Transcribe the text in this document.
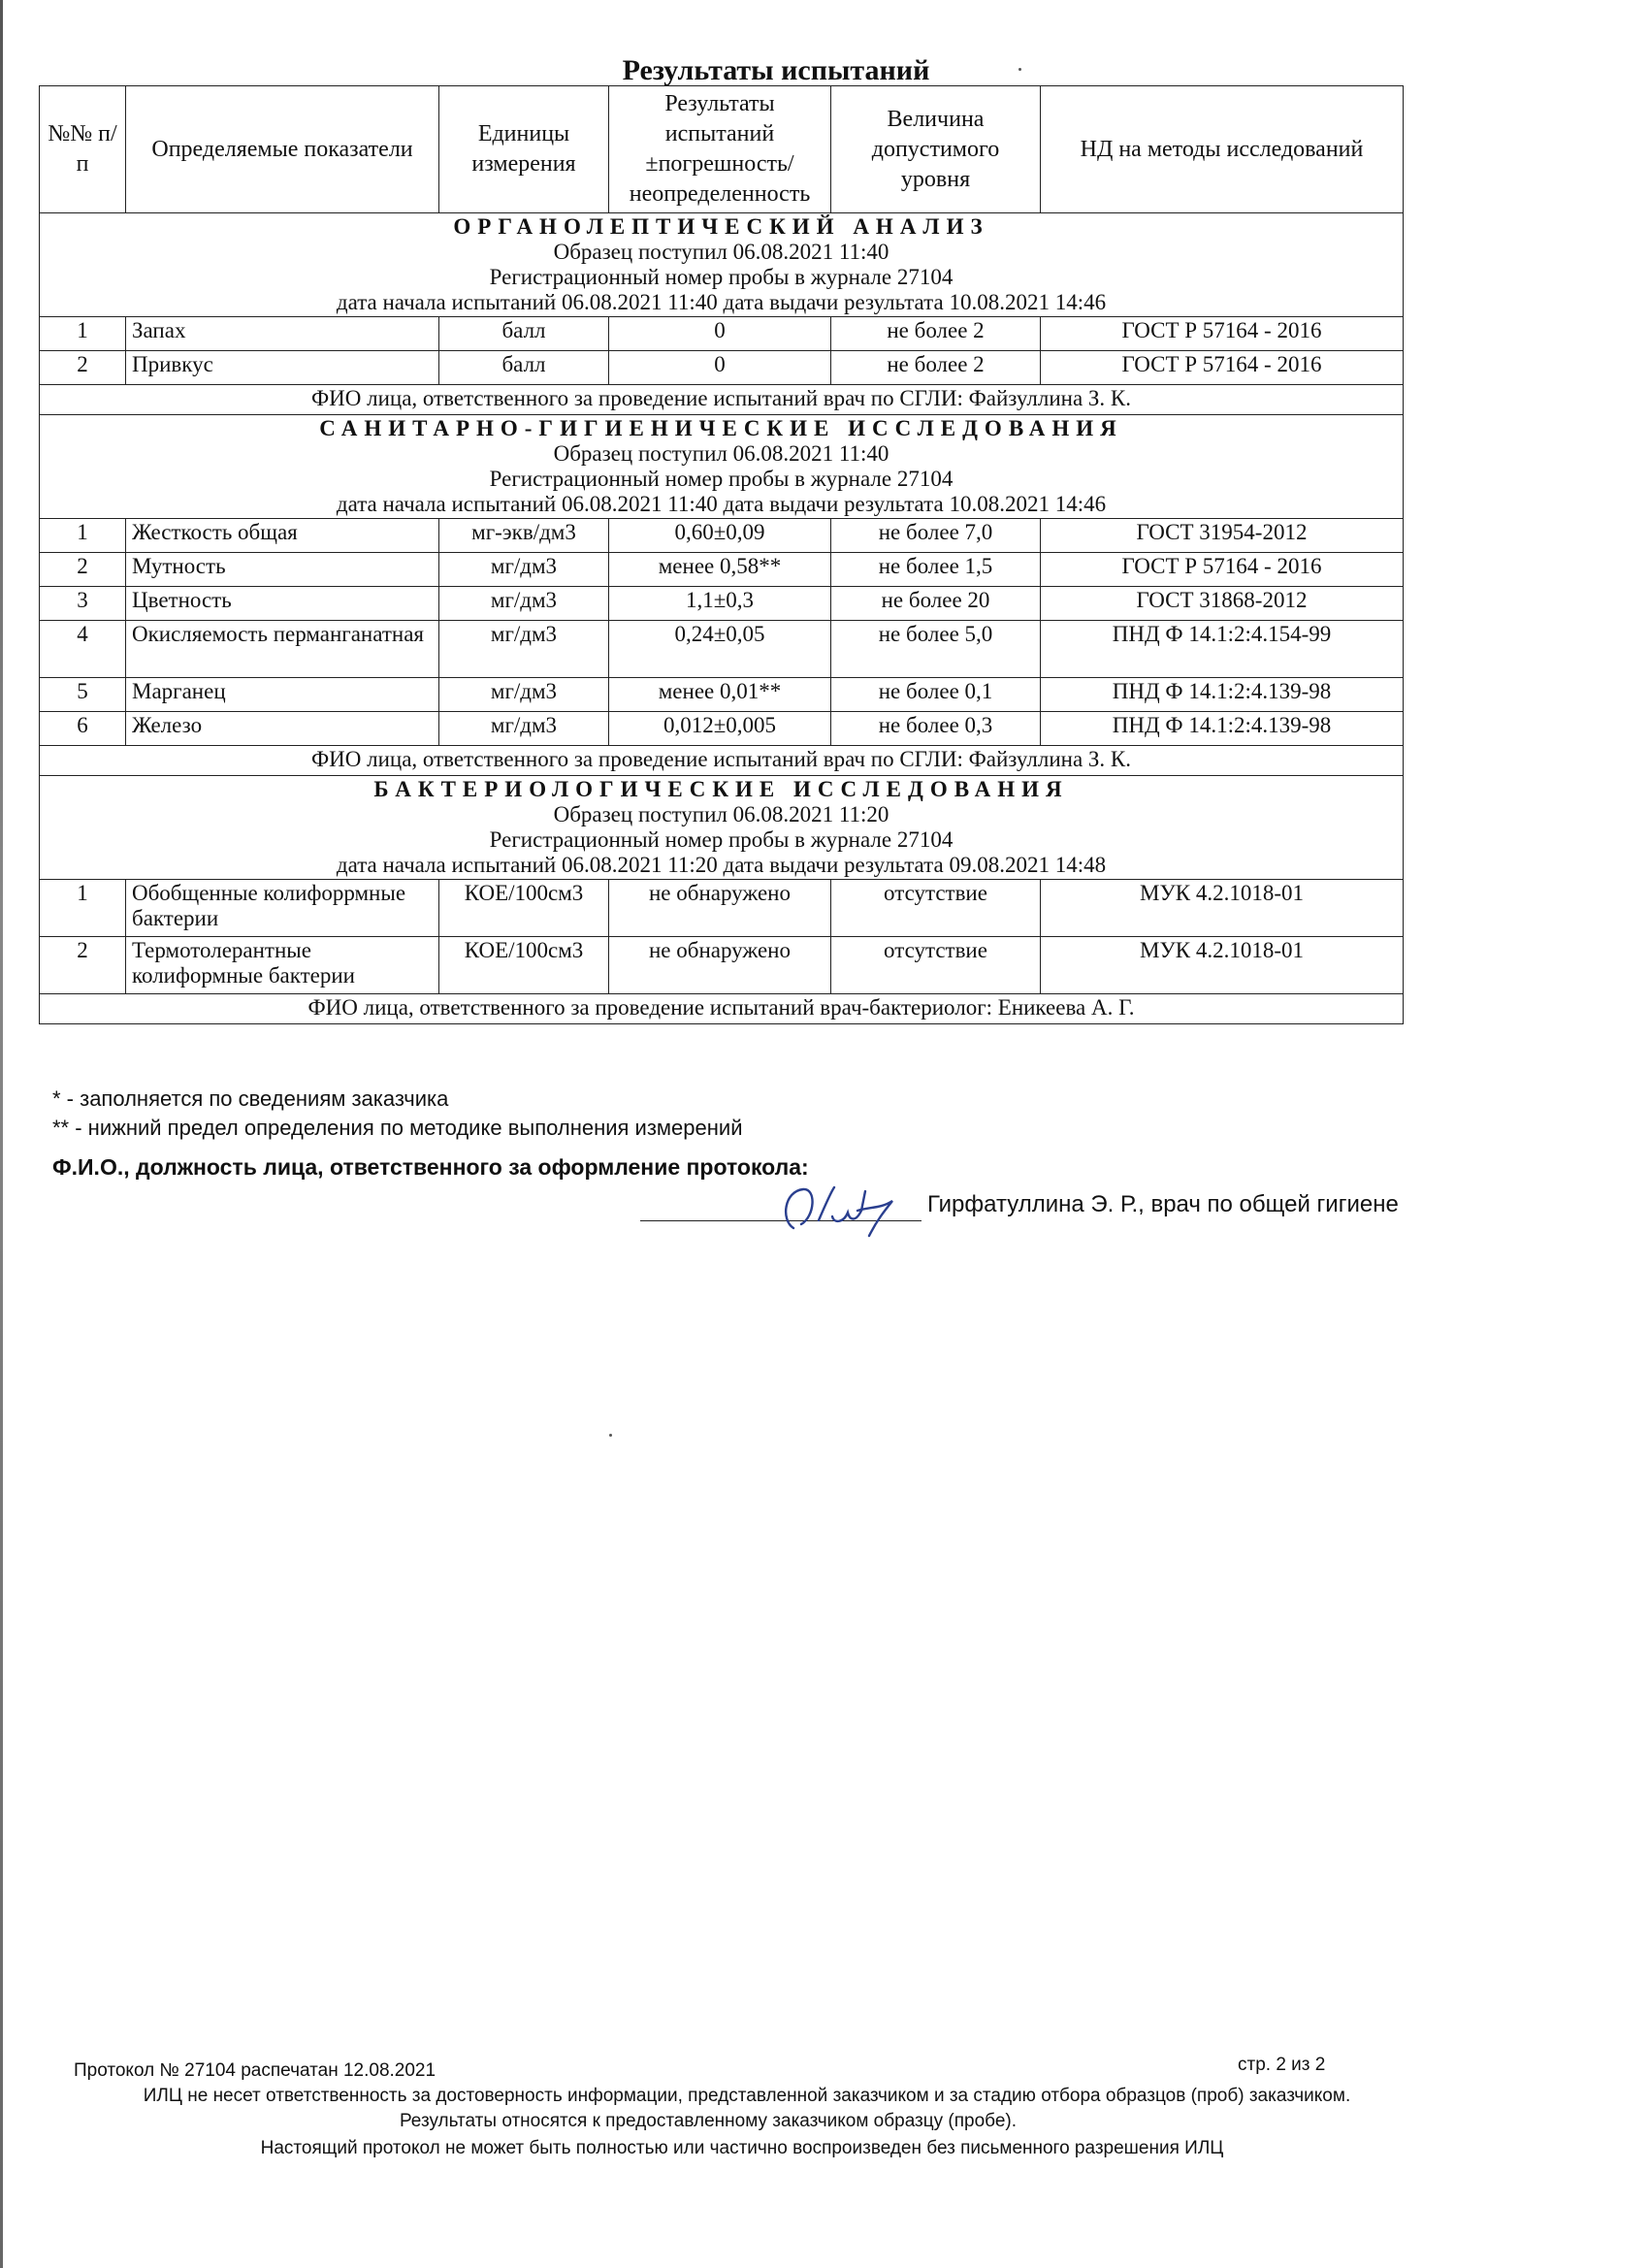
Результаты испытаний
№№ п/п	Определяемые показатели	Единицы измерения	Результаты испытаний ±погрешность/ неопределенность	Величина допустимого уровня	НД на методы исследований

ОРГАНОЛЕПТИЧЕСКИЙ АНАЛИЗ
Образец поступил 06.08.2021 11:40
Регистрационный номер пробы в журнале 27104
дата начала испытаний 06.08.2021 11:40 дата выдачи результата 10.08.2021 14:46					

1	Запах	балл	0	не более 2	ГОСТ Р 57164 - 2016
2	Привкус	балл	0	не более 2	ГОСТ Р 57164 - 2016
ФИО лица, ответственного за проведение испытаний врач по СГЛИ: Файзуллина З. К.					

САНИТАРНО-ГИГИЕНИЧЕСКИЕ ИССЛЕДОВАНИЯ
Образец поступил 06.08.2021 11:40
Регистрационный номер пробы в журнале 27104
дата начала испытаний 06.08.2021 11:40 дата выдачи результата 10.08.2021 14:46					

1	Жесткость общая	мг-экв/дм3	0,60±0,09	не более 7,0	ГОСТ 31954-2012
2	Мутность	мг/дм3	менее 0,58**	не более 1,5	ГОСТ Р 57164 - 2016
3	Цветность	мг/дм3	1,1±0,3	не более 20	ГОСТ 31868-2012
4	Окисляемость перманганатная	мг/дм3	0,24±0,05	не более 5,0	ПНД Ф 14.1:2:4.154-99
5	Марганец	мг/дм3	менее 0,01**	не более 0,1	ПНД Ф 14.1:2:4.139-98
6	Железо	мг/дм3	0,012±0,005	не более 0,3	ПНД Ф 14.1:2:4.139-98
ФИО лица, ответственного за проведение испытаний врач по СГЛИ: Файзуллина З. К.					

БАКТЕРИОЛОГИЧЕСКИЕ ИССЛЕДОВАНИЯ
Образец поступил 06.08.2021 11:20
Регистрационный номер пробы в журнале 27104
дата начала испытаний 06.08.2021 11:20 дата выдачи результата 09.08.2021 14:48					

1	Обобщенные колифоррмные бактерии	КОЕ/100см3	не обнаружено	отсутствие	МУК 4.2.1018-01
2	Термотолерантные колиформные бактерии	КОЕ/100см3	не обнаружено	отсутствие	МУК 4.2.1018-01
ФИО лица, ответственного за проведение испытаний врач-бактериолог: Еникеева А. Г.					
* - заполняется по сведениям заказчика
** - нижний предел определения по методике выполнения измерений
Ф.И.О., должность лица, ответственного за оформление протокола:
Гирфатуллина Э. Р., врач по общей гигиене
Протокол № 27104 распечатан 12.08.2021	стр. 2 из 2
ИЛЦ не несет ответственность за достоверность информации, представленной заказчиком и за стадию отбора образцов (проб) заказчиком.
Результаты относятся к предоставленному заказчиком образцу (пробе).
Настоящий протокол не может быть полностью или частично воспроизведен без письменного разрешения ИЛЦ
